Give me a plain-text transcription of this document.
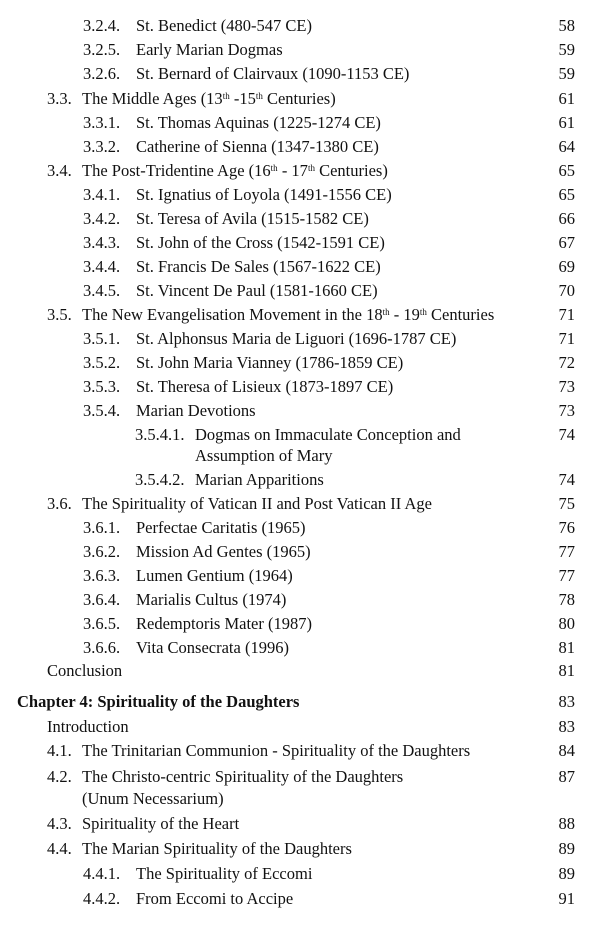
3.2.4. St. Benedict (480-547 CE)	58
3.2.5. Early Marian Dogmas	59
3.2.6. St. Bernard of Clairvaux (1090-1153 CE)	59
3.3. The Middle Ages (13th -15th Centuries)	61
3.3.1. St. Thomas Aquinas (1225-1274 CE)	61
3.3.2. Catherine of Sienna (1347-1380 CE)	64
3.4. The Post-Tridentine Age (16th - 17th Centuries)	65
3.4.1. St. Ignatius of Loyola (1491-1556 CE)	65
3.4.2. St. Teresa of Avila (1515-1582 CE)	66
3.4.3. St. John of the Cross (1542-1591 CE)	67
3.4.4. St. Francis De Sales (1567-1622 CE)	69
3.4.5. St. Vincent De Paul (1581-1660 CE)	70
3.5. The New Evangelisation Movement in the 18th - 19th Centuries	71
3.5.1. St. Alphonsus Maria de Liguori (1696-1787 CE)	71
3.5.2. St. John Maria Vianney (1786-1859 CE)	72
3.5.3. St. Theresa of Lisieux (1873-1897 CE)	73
3.5.4. Marian Devotions	73
3.5.4.1. Dogmas on Immaculate Conception and
Assumption of Mary
74
3.5.4.2. Marian Apparitions	74
3.6. The Spirituality of Vatican II and Post Vatican II Age	75
3.6.1. Perfectae Caritatis (1965)	76
3.6.2. Mission Ad Gentes (1965)	77
3.6.3. Lumen Gentium (1964)	77
3.6.4. Marialis Cultus (1974)	78
3.6.5. Redemptoris Mater (1987)	80
3.6.6. Vita Consecrata (1996)	81
Conclusion	81
Chapter 4: Spirituality of the Daughters	83
Introduction	83
4.1. The Trinitarian Communion - Spirituality of the Daughters	84
4.2. The Christo-centric Spirituality of the Daughters
(Unum Necessarium)
87
4.3. Spirituality of the Heart	88
4.4. The Marian Spirituality of the Daughters	89
4.4.1. The Spirituality of Eccomi	89
4.4.2. From Eccomi to Accipe	91
